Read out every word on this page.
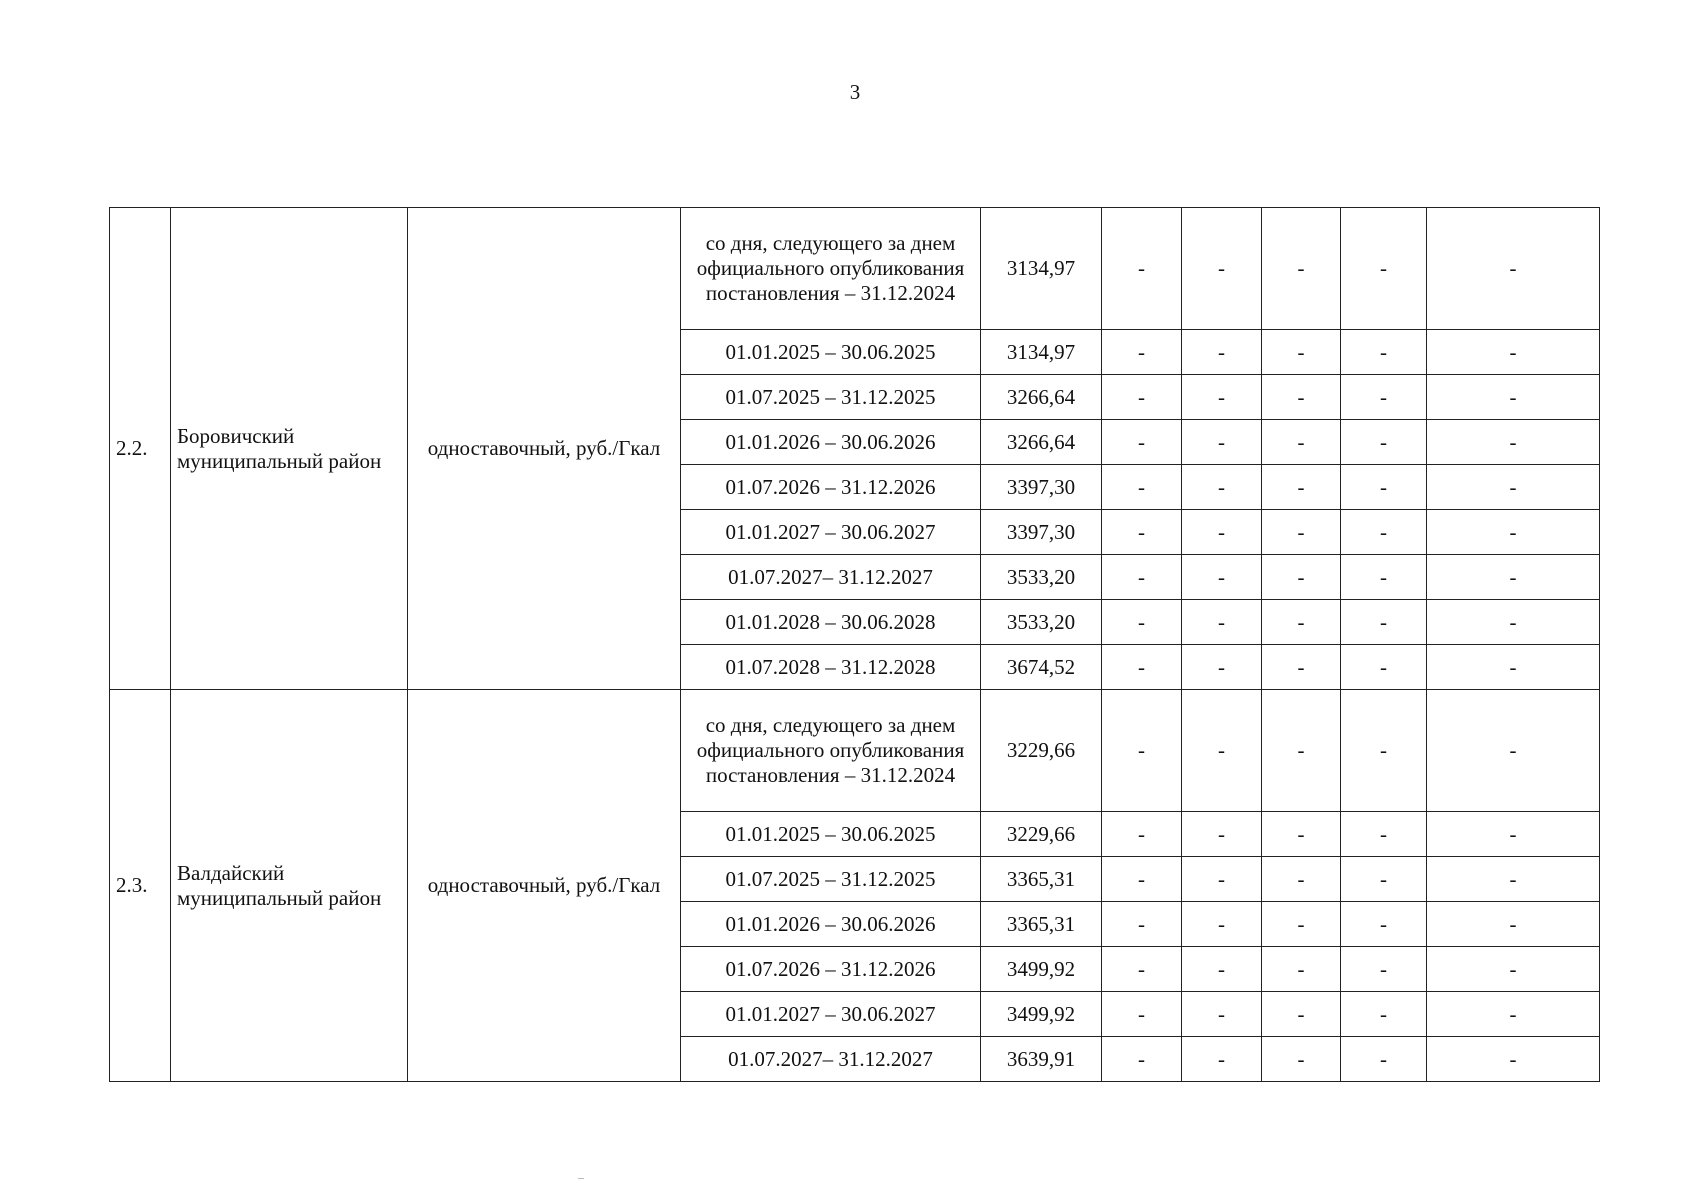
3
2.2.	Боровичский муниципальный район	одноставочный, руб./Гкал	со дня, следующего за днем официального опубликования постановления – 31.12.2024	3134,97	-	-	-	-	-
			01.01.2025 – 30.06.2025	3134,97	-	-	-	-	-
			01.07.2025 – 31.12.2025	3266,64	-	-	-	-	-
			01.01.2026 – 30.06.2026	3266,64	-	-	-	-	-
			01.07.2026 – 31.12.2026	3397,30	-	-	-	-	-
			01.01.2027 – 30.06.2027	3397,30	-	-	-	-	-
			01.07.2027– 31.12.2027	3533,20	-	-	-	-	-
			01.01.2028 – 30.06.2028	3533,20	-	-	-	-	-
			01.07.2028 – 31.12.2028	3674,52	-	-	-	-	-
2.3.	Валдайский муниципальный район	одноставочный, руб./Гкал	со дня, следующего за днем официального опубликования постановления – 31.12.2024	3229,66	-	-	-	-	-
			01.01.2025 – 30.06.2025	3229,66	-	-	-	-	-
			01.07.2025 – 31.12.2025	3365,31	-	-	-	-	-
			01.01.2026 – 30.06.2026	3365,31	-	-	-	-	-
			01.07.2026 – 31.12.2026	3499,92	-	-	-	-	-
			01.01.2027 – 30.06.2027	3499,92	-	-	-	-	-
			01.07.2027– 31.12.2027	3639,91	-	-	-	-	-
